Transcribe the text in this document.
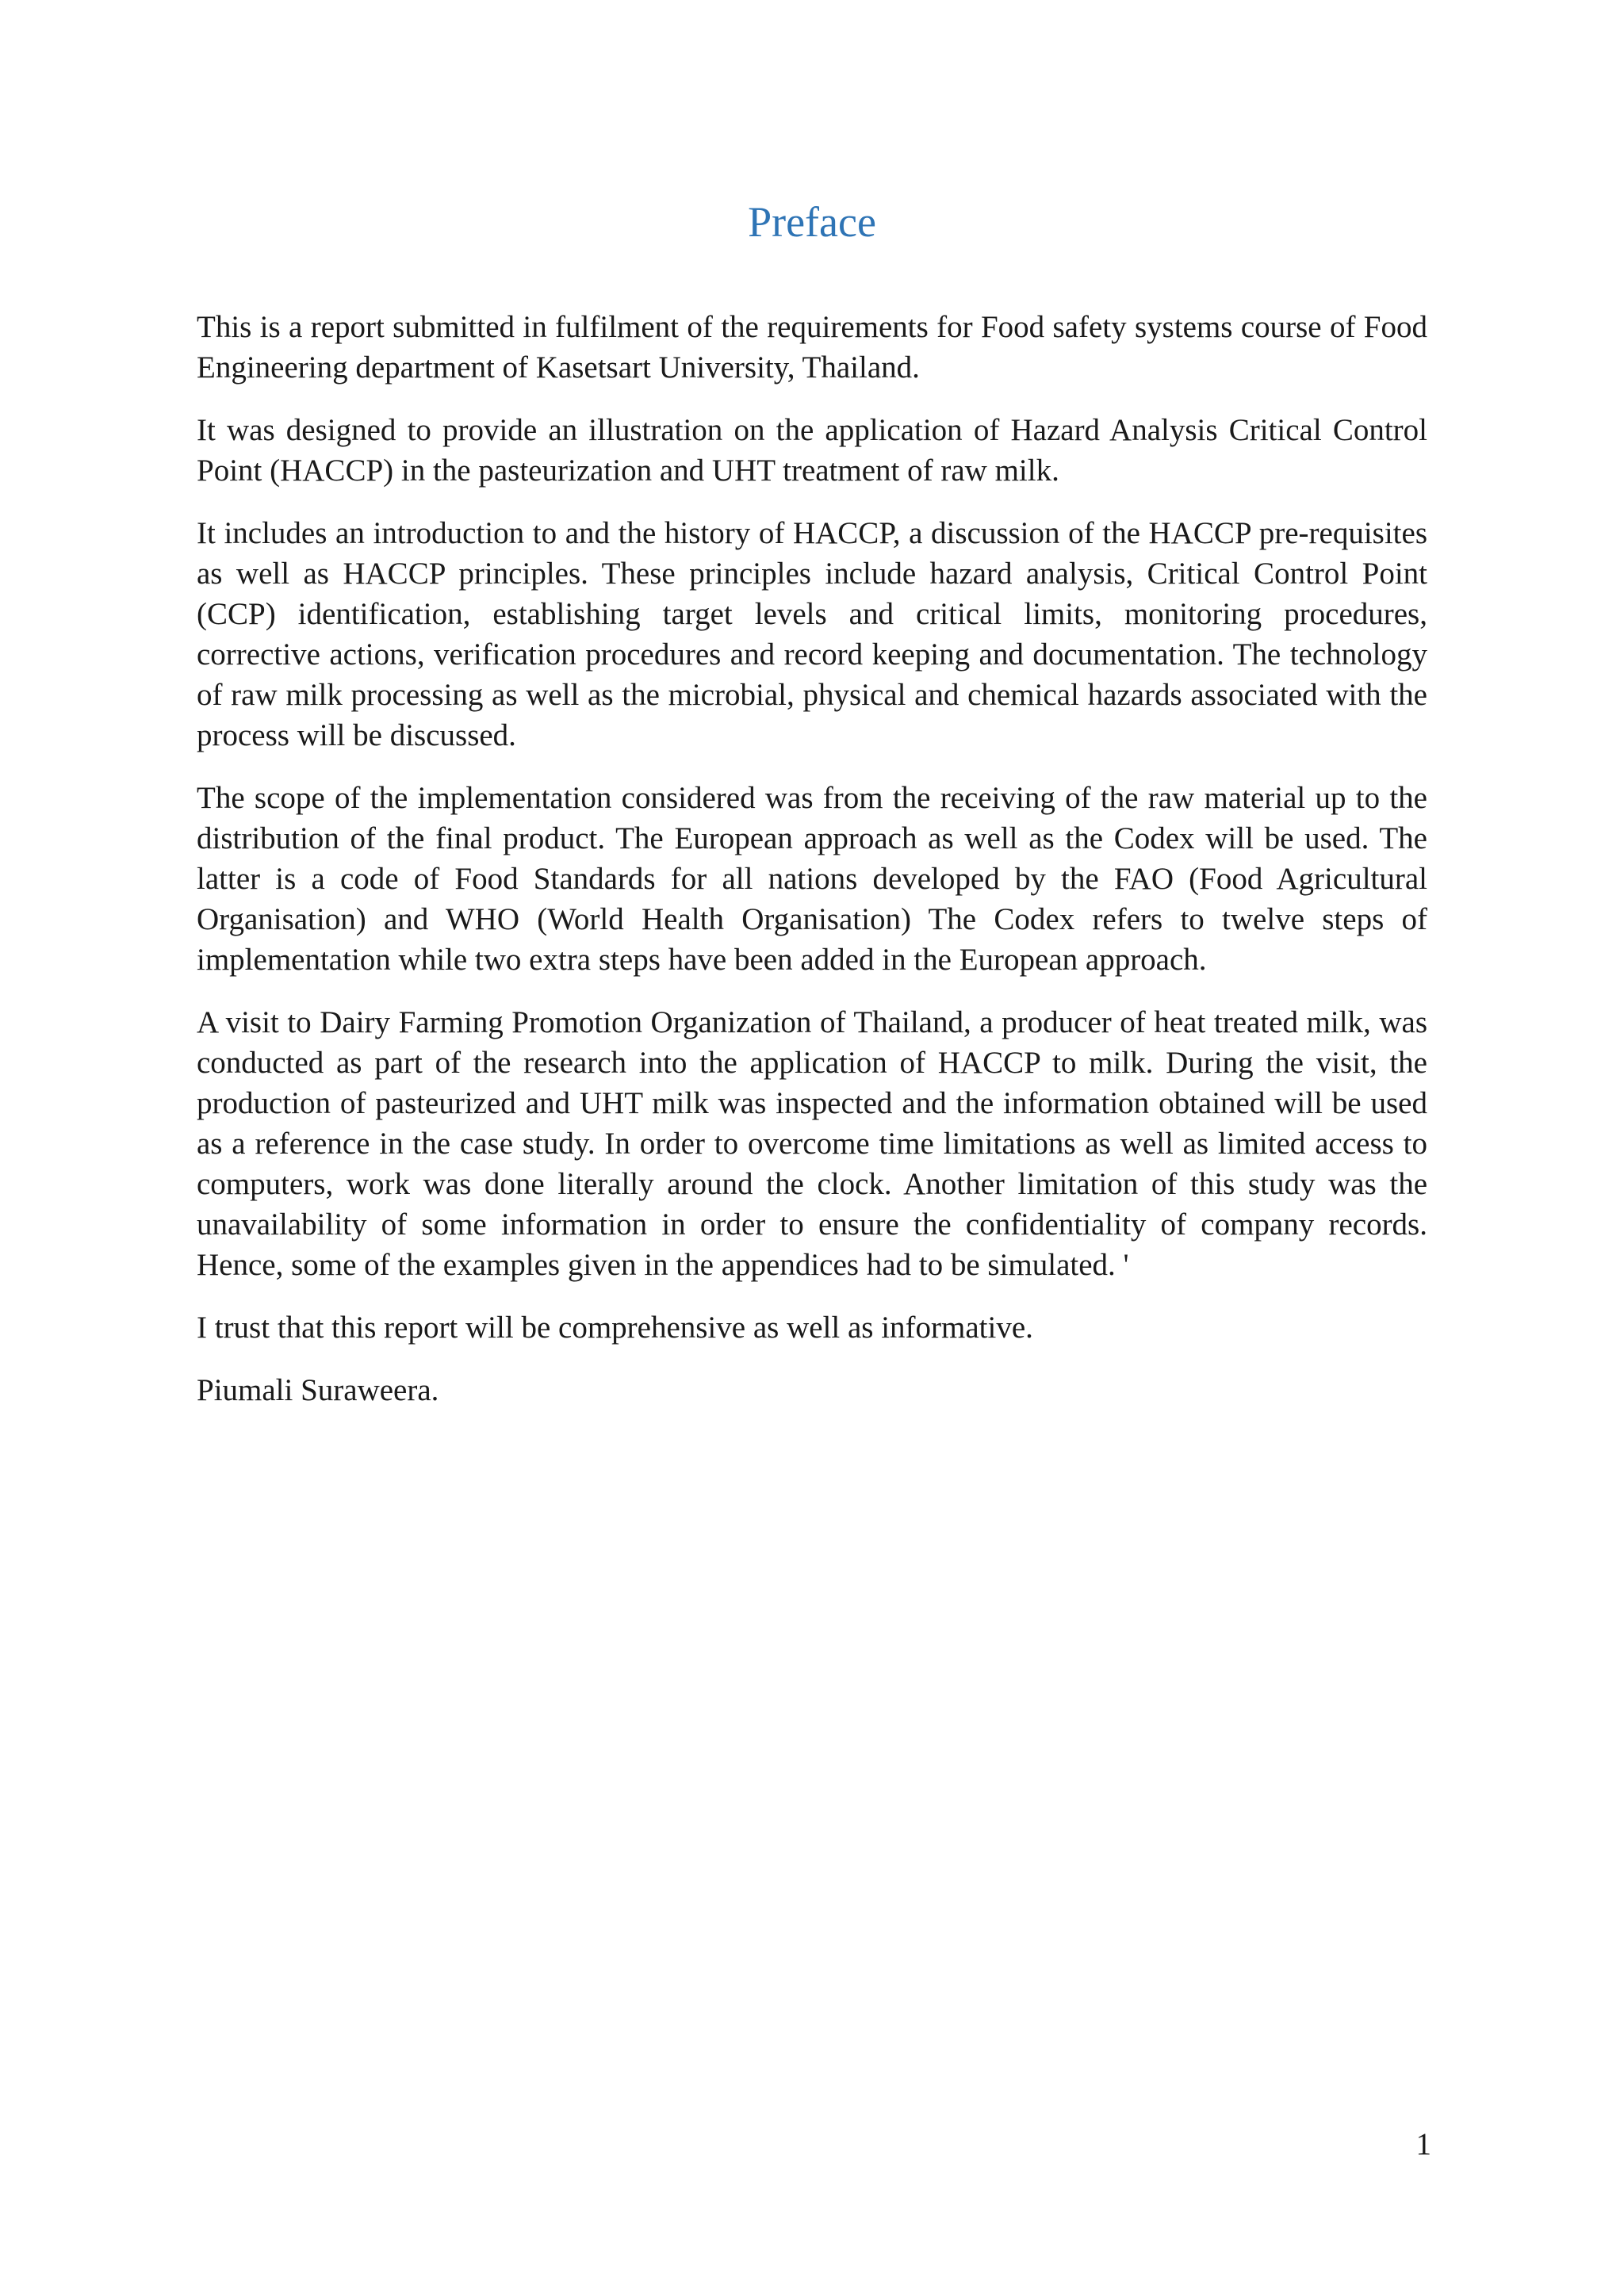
Preface

This is a report submitted in fulfilment of the requirements for Food safety systems course of Food Engineering department of Kasetsart University, Thailand.

It was designed to provide an illustration on the application of Hazard Analysis Critical Control Point (HACCP) in the pasteurization and UHT treatment of raw milk.

It includes an introduction to and the history of HACCP, a discussion of the HACCP pre-requisites as well as HACCP principles. These principles include hazard analysis, Critical Control Point (CCP) identification, establishing target levels and critical limits, monitoring procedures, corrective actions, verification procedures and record keeping and documentation. The technology of raw milk processing as well as the microbial, physical and chemical hazards associated with the process will be discussed.

The scope of the implementation considered was from the receiving of the raw material up to the distribution of the final product. The European approach as well as the Codex will be used. The latter is a code of Food Standards for all nations developed by the FAO (Food Agricultural Organisation) and WHO (World Health Organisation) The Codex refers to twelve steps of implementation while two extra steps have been added in the European approach.

A visit to Dairy Farming Promotion Organization of Thailand, a producer of heat treated milk, was conducted as part of the research into the application of HACCP to milk. During the visit, the production of pasteurized and UHT milk was inspected and the information obtained will be used as a reference in the case study. In order to overcome time limitations as well as limited access to computers, work was done literally around the clock. Another limitation of this study was the unavailability of some information in order to ensure the confidentiality of company records. Hence, some of the examples given in the appendices had to be simulated. '

I trust that this report will be comprehensive as well as informative.

Piumali Suraweera.

1
